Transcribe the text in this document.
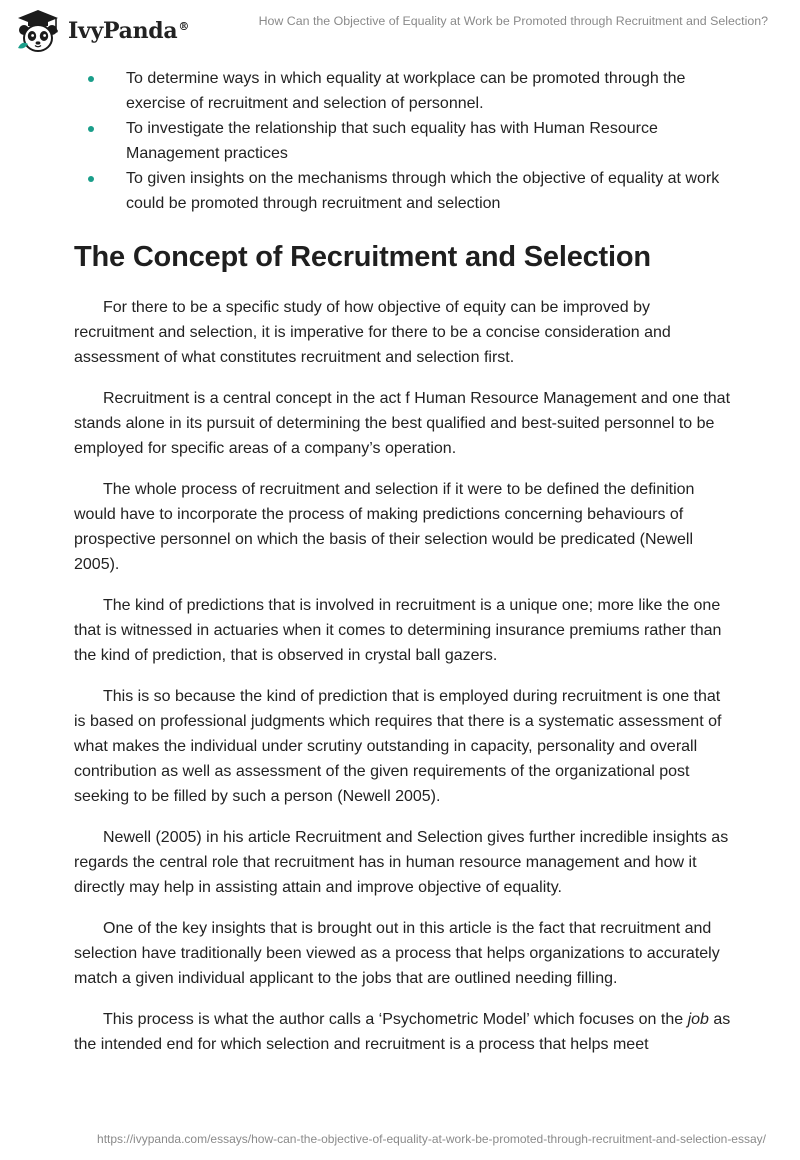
IvyPanda®	How Can the Objective of Equality at Work be Promoted through Recruitment and Selection?
To determine ways in which equality at workplace can be promoted through the exercise of recruitment and selection of personnel.
To investigate the relationship that such equality has with Human Resource Management practices
To given insights on the mechanisms through which the objective of equality at work could be promoted through recruitment and selection
The Concept of Recruitment and Selection

For there to be a specific study of how objective of equity can be improved by recruitment and selection, it is imperative for there to be a concise consideration and assessment of what constitutes recruitment and selection first.

Recruitment is a central concept in the act f Human Resource Management and one that stands alone in its pursuit of determining the best qualified and best-suited personnel to be employed for specific areas of a company’s operation.

The whole process of recruitment and selection if it were to be defined the definition would have to incorporate the process of making predictions concerning behaviours of prospective personnel on which the basis of their selection would be predicated (Newell 2005).

The kind of predictions that is involved in recruitment is a unique one; more like the one that is witnessed in actuaries when it comes to determining insurance premiums rather than the kind of prediction, that is observed in crystal ball gazers.

This is so because the kind of prediction that is employed during recruitment is one that is based on professional judgments which requires that there is a systematic assessment of what makes the individual under scrutiny outstanding in capacity, personality and overall contribution as well as assessment of the given requirements of the organizational post seeking to be filled by such a person (Newell 2005).

Newell (2005) in his article Recruitment and Selection gives further incredible insights as regards the central role that recruitment has in human resource management and how it directly may help in assisting attain and improve objective of equality.

One of the key insights that is brought out in this article is the fact that recruitment and selection have traditionally been viewed as a process that helps organizations to accurately match a given individual applicant to the jobs that are outlined needing filling.

This process is what the author calls a ‘Psychometric Model’ which focuses on the job as the intended end for which selection and recruitment is a process that helps meet

https://ivypanda.com/essays/how-can-the-objective-of-equality-at-work-be-promoted-through-recruitment-and-selection-essay/
